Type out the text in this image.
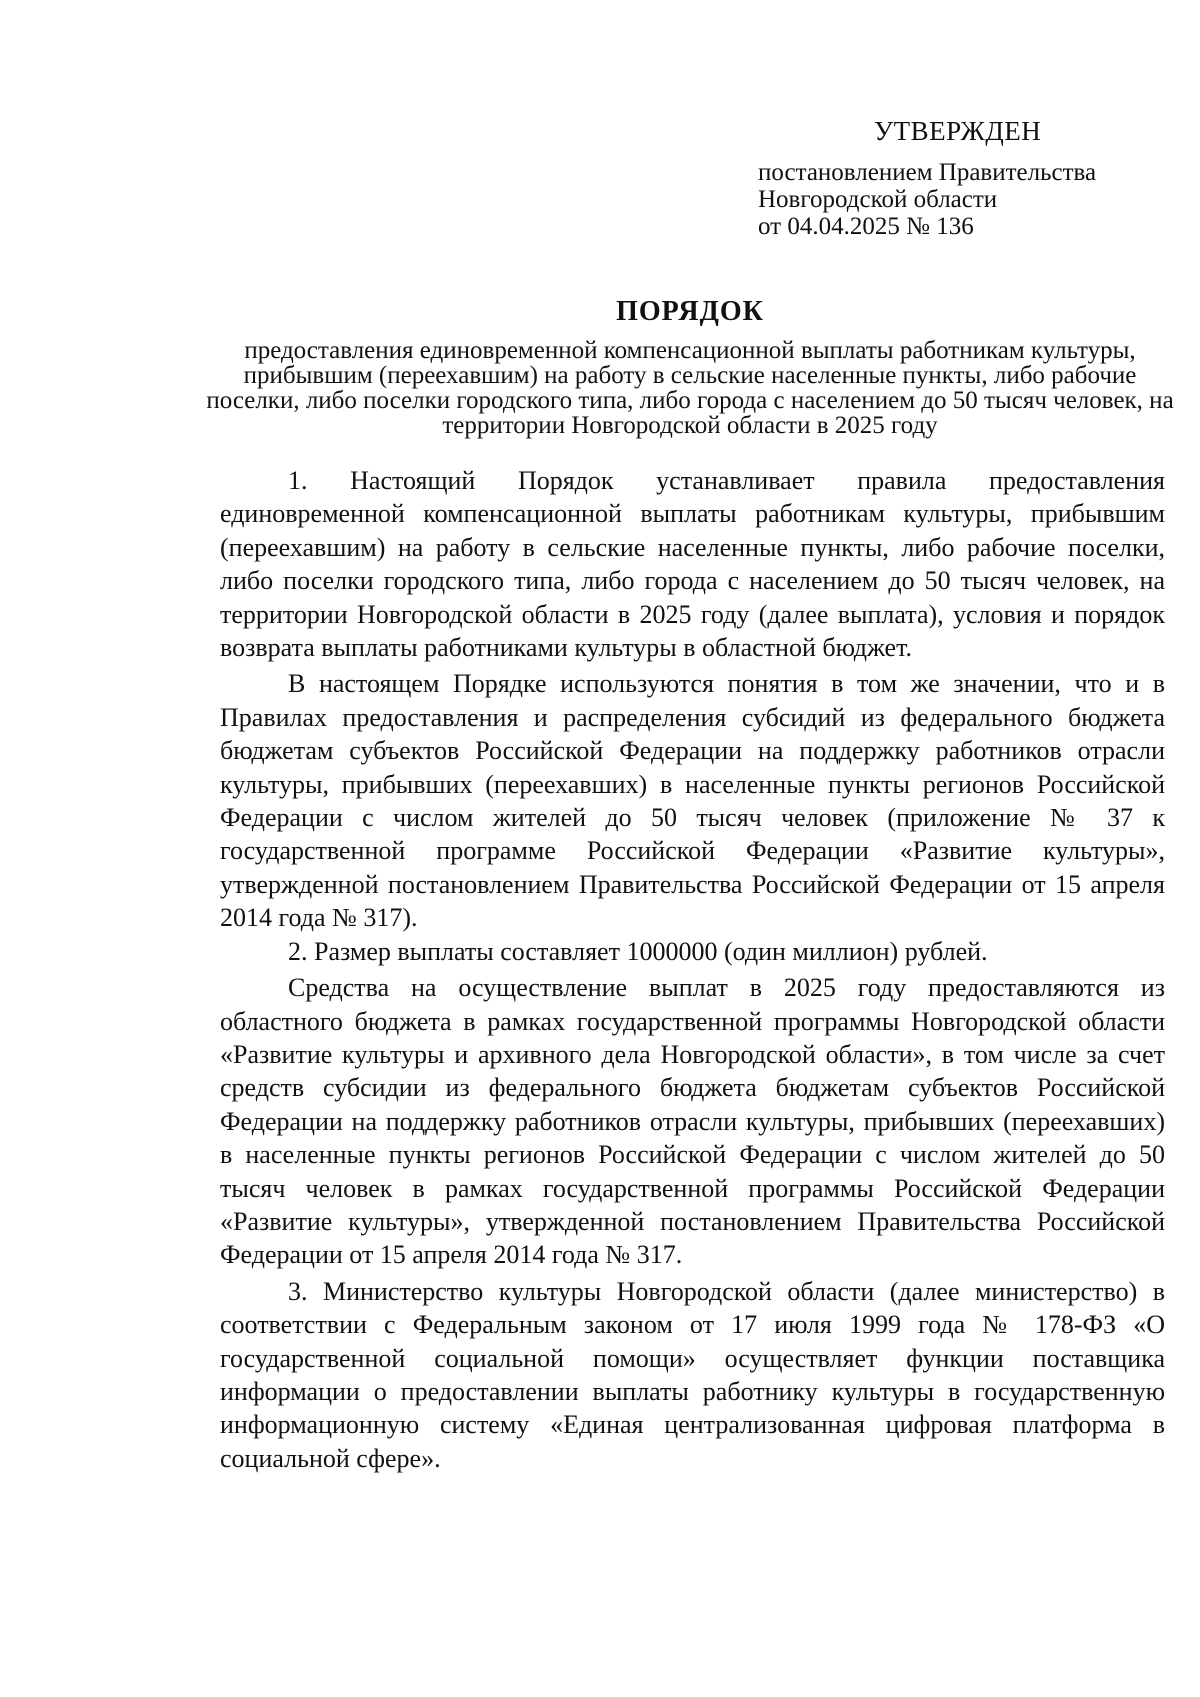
УТВЕРЖДЕН
постановлением Правительства
Новгородской области
от 04.04.2025 № 136
ПОРЯДОК
предоставления единовременной компенсационной выплаты работникам культуры, прибывшим (переехавшим) на работу в сельские населенные пункты, либо рабочие поселки, либо поселки городского типа, либо города с населением до 50 тысяч человек, на территории Новгородской области в 2025 году

1. Настоящий Порядок устанавливает правила предоставления единовременной компенсационной выплаты работникам культуры, прибывшим (переехавшим) на работу в сельские населенные пункты, либо рабочие поселки, либо поселки городского типа, либо города с населением до 50 тысяч человек, на территории Новгородской области в 2025 году (далее выплата), условия и порядок возврата выплаты работниками культуры в областной бюджет.

В настоящем Порядке используются понятия в том же значении, что и в Правилах предоставления и распределения субсидий из федерального бюджета бюджетам субъектов Российской Федерации на поддержку работников отрасли культуры, прибывших (переехавших) в населенные пункты регионов Российской Федерации с числом жителей до 50 тысяч человек (приложение № 37 к государственной программе Российской Федерации «Развитие культуры», утвержденной постановлением Правительства Российской Федерации от 15 апреля 2014 года № 317).

2. Размер выплаты составляет 1000000 (один миллион) рублей.

Средства на осуществление выплат в 2025 году предоставляются из областного бюджета в рамках государственной программы Новгородской области «Развитие культуры и архивного дела Новгородской области», в том числе за счет средств субсидии из федерального бюджета бюджетам субъектов Российской Федерации на поддержку работников отрасли культуры, прибывших (переехавших) в населенные пункты регионов Российской Федерации с числом жителей до 50 тысяч человек в рамках государственной программы Российской Федерации «Развитие культуры», утвержденной постановлением Правительства Российской Федерации от 15 апреля 2014 года № 317.

3. Министерство культуры Новгородской области (далее министерство) в соответствии с Федеральным законом от 17 июля 1999 года № 178-ФЗ «О государственной социальной помощи» осуществляет функции поставщика информации о предоставлении выплаты работнику культуры в государственную информационную систему «Единая централизованная цифровая платформа в социальной сфере».
